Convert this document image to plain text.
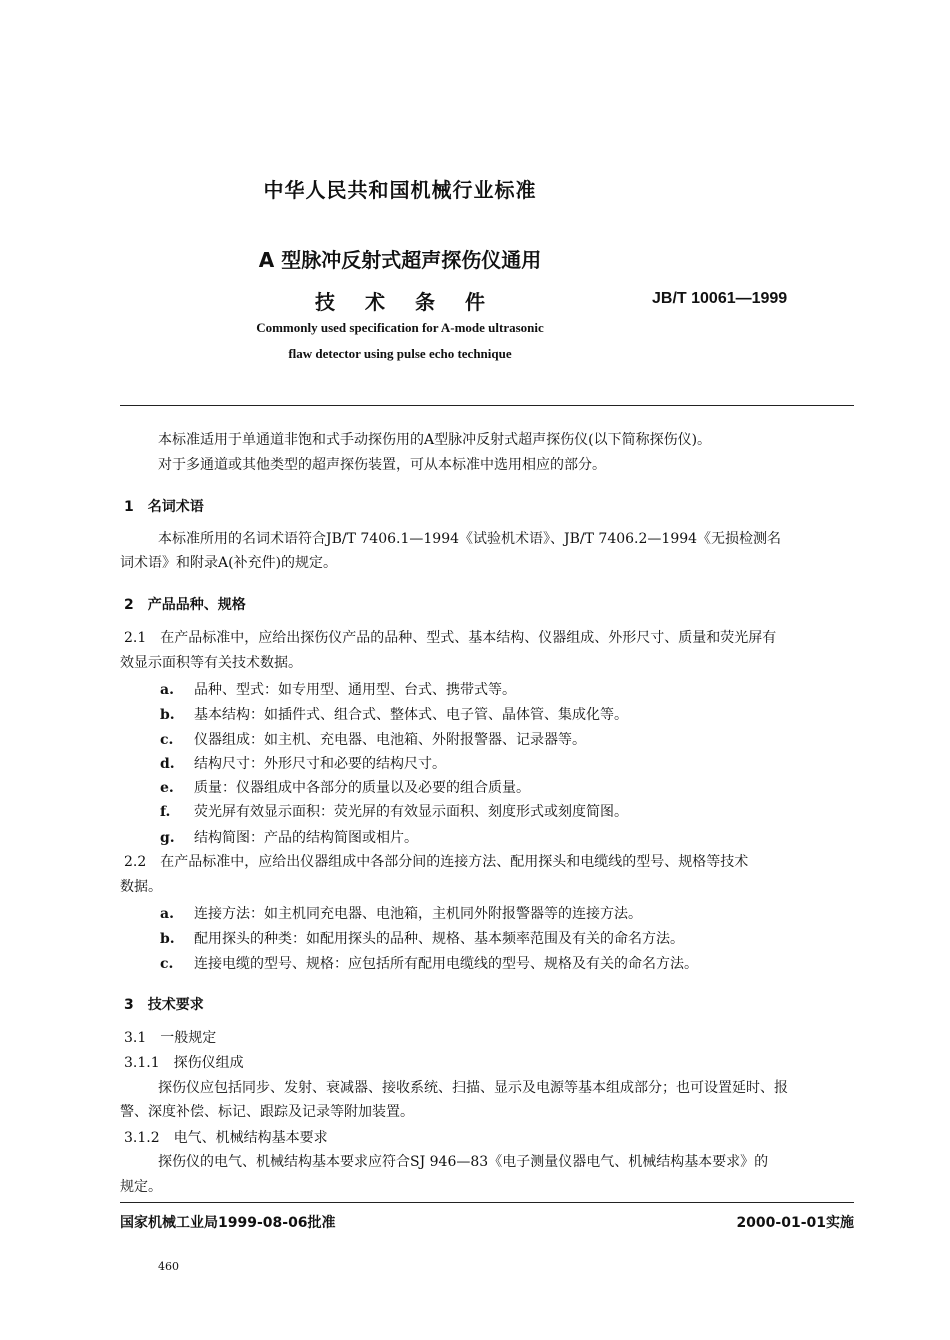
中华人民共和国机械行业标准
A 型脉冲反射式超声探伤仪通用
技术条件	JB/T 10061—1999
Commonly used specification for A-mode ultrasonic
flaw detector using pulse echo technique
本标准适用于单通道非饱和式手动探伤用的A型脉冲反射式超声探伤仪(以下简称探伤仪)。
对于多通道或其他类型的超声探伤装置，可从本标准中选用相应的部分。
1　名词术语
本标准所用的名词术语符合JB/T 7406.1—1994《试验机术语》、JB/T 7406.2—1994《无损检测名
词术语》和附录A(补充件)的规定。
2　产品品种、规格
2.1　在产品标准中，应给出探伤仪产品的品种、型式、基本结构、仪器组成、外形尺寸、质量和荧光屏有
效显示面积等有关技术数据。
a. 品种、型式：如专用型、通用型、台式、携带式等。
b. 基本结构：如插件式、组合式、整体式、电子管、晶体管、集成化等。
c. 仪器组成：如主机、充电器、电池箱、外附报警器、记录器等。
d. 结构尺寸：外形尺寸和必要的结构尺寸。
e. 质量：仪器组成中各部分的质量以及必要的组合质量。
f. 荧光屏有效显示面积：荧光屏的有效显示面积、刻度形式或刻度简图。
g. 结构简图：产品的结构简图或相片。
2.2　在产品标准中，应给出仪器组成中各部分间的连接方法、配用探头和电缆线的型号、规格等技术
数据。
a. 连接方法：如主机同充电器、电池箱，主机同外附报警器等的连接方法。
b. 配用探头的种类：如配用探头的品种、规格、基本频率范围及有关的命名方法。
c. 连接电缆的型号、规格：应包括所有配用电缆线的型号、规格及有关的命名方法。
3　技术要求
3.1　一般规定
3.1.1　探伤仪组成
探伤仪应包括同步、发射、衰减器、接收系统、扫描、显示及电源等基本组成部分；也可设置延时、报
警、深度补偿、标记、跟踪及记录等附加装置。
3.1.2　电气、机械结构基本要求
探伤仪的电气、机械结构基本要求应符合SJ 946—83《电子测量仪器电气、机械结构基本要求》的
规定。
国家机械工业局1999-08-06批准	2000-01-01实施
460
